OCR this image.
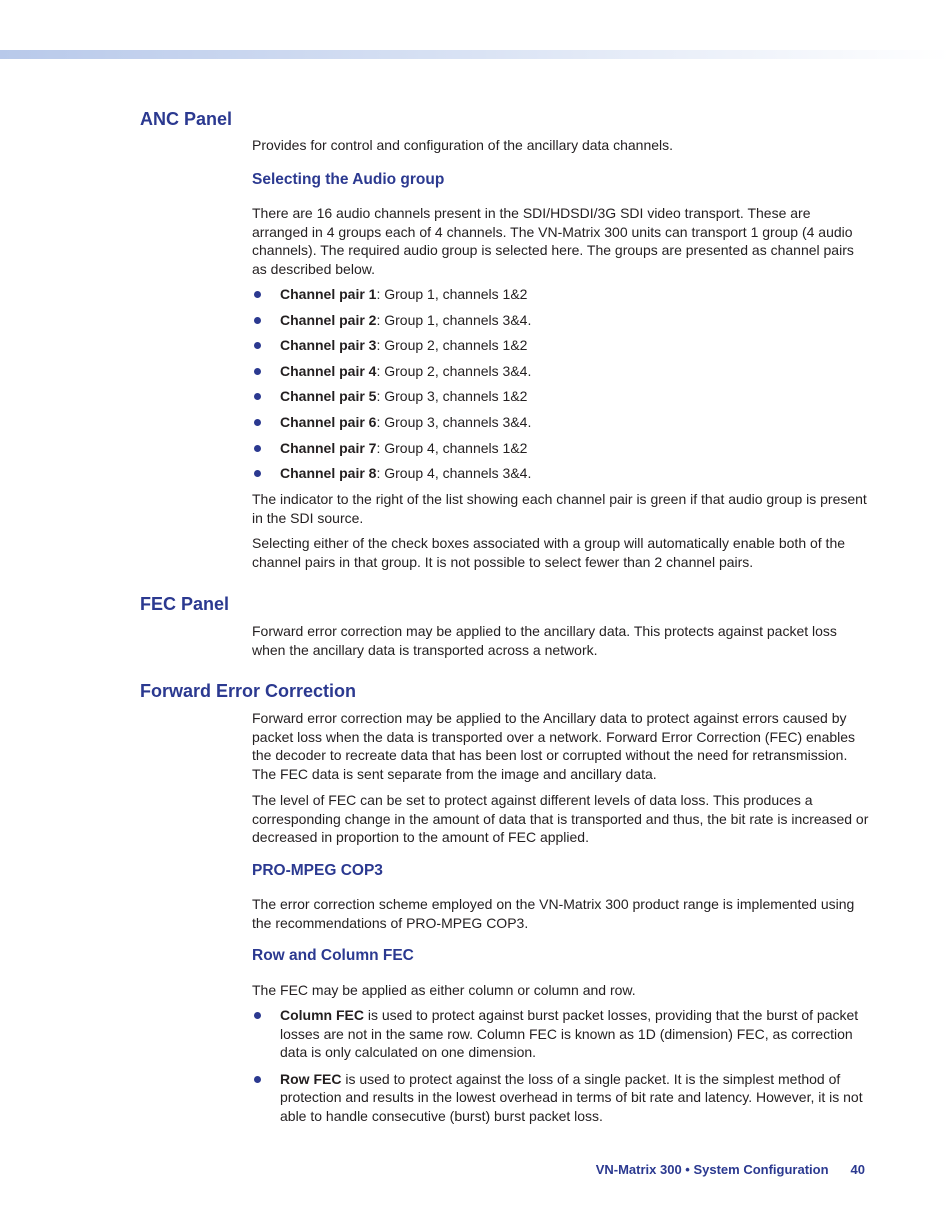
ANC Panel

Provides for control and configuration of the ancillary data channels.

Selecting the Audio group

There are 16 audio channels present in the SDI/HDSDI/3G SDI video transport. These are arranged in 4 groups each of 4 channels. The VN-Matrix 300 units can transport 1 group (4 audio channels). The required audio group is selected here. The groups are presented as channel pairs as described below.

Channel pair 1: Group 1, channels 1&2
Channel pair 2: Group 1, channels 3&4.
Channel pair 3: Group 2, channels 1&2
Channel pair 4: Group 2, channels 3&4.
Channel pair 5: Group 3, channels 1&2
Channel pair 6: Group 3, channels 3&4.
Channel pair 7: Group 4, channels 1&2
Channel pair 8: Group 4, channels 3&4.

The indicator to the right of the list showing each channel pair is green if that audio group is present in the SDI source.

Selecting either of the check boxes associated with a group will automatically enable both of the channel pairs in that group. It is not possible to select fewer than 2 channel pairs.

FEC Panel

Forward error correction may be applied to the ancillary data. This protects against packet loss when the ancillary data is transported across a network.

Forward Error Correction

Forward error correction may be applied to the Ancillary data to protect against errors caused by packet loss when the data is transported over a network. Forward Error Correction (FEC) enables the decoder to recreate data that has been lost or corrupted without the need for retransmission. The FEC data is sent separate from the image and ancillary data.

The level of FEC can be set to protect against different levels of data loss. This produces a corresponding change in the amount of data that is transported and thus, the bit rate is increased or decreased in proportion to the amount of FEC applied.

PRO-MPEG COP3

The error correction scheme employed on the VN-Matrix 300 product range is implemented using the recommendations of PRO-MPEG COP3.

Row and Column FEC

The FEC may be applied as either column or column and row.

Column FEC is used to protect against burst packet losses, providing that the burst of packet losses are not in the same row. Column FEC is known as 1D (dimension) FEC, as correction data is only calculated on one dimension.
Row FEC is used to protect against the loss of a single packet. It is the simplest method of protection and results in the lowest overhead in terms of bit rate and latency. However, it is not able to handle consecutive (burst) burst packet loss.
VN-Matrix 300 • System Configuration 40
